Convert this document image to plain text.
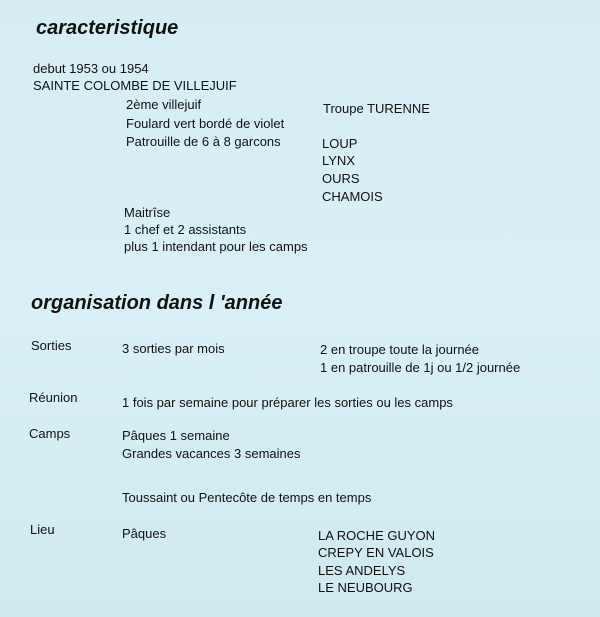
caracteristique
debut 1953 ou 1954
SAINTE COLOMBE DE VILLEJUIF
2ème villejuif
Foulard vert bordé de violet
Patrouille de 6 à 8 garcons
Troupe TURENNE
LOUP
LYNX
OURS
CHAMOIS
Maitrîse
1 chef et 2 assistants
plus 1 intendant pour les camps
organisation dans l 'année
Sorties	3 sorties par mois	2 en troupe toute la journée
1 en patrouille de 1j ou 1/2 journée
Réunion	1 fois par semaine pour préparer les sorties ou les camps
Camps	Pâques 1 semaine
Grandes vacances 3 semaines
Toussaint ou Pentecôte de temps en temps
Lieu	Pâques	LA ROCHE GUYON
CREPY EN VALOIS
LES ANDELYS
LE NEUBOURG
